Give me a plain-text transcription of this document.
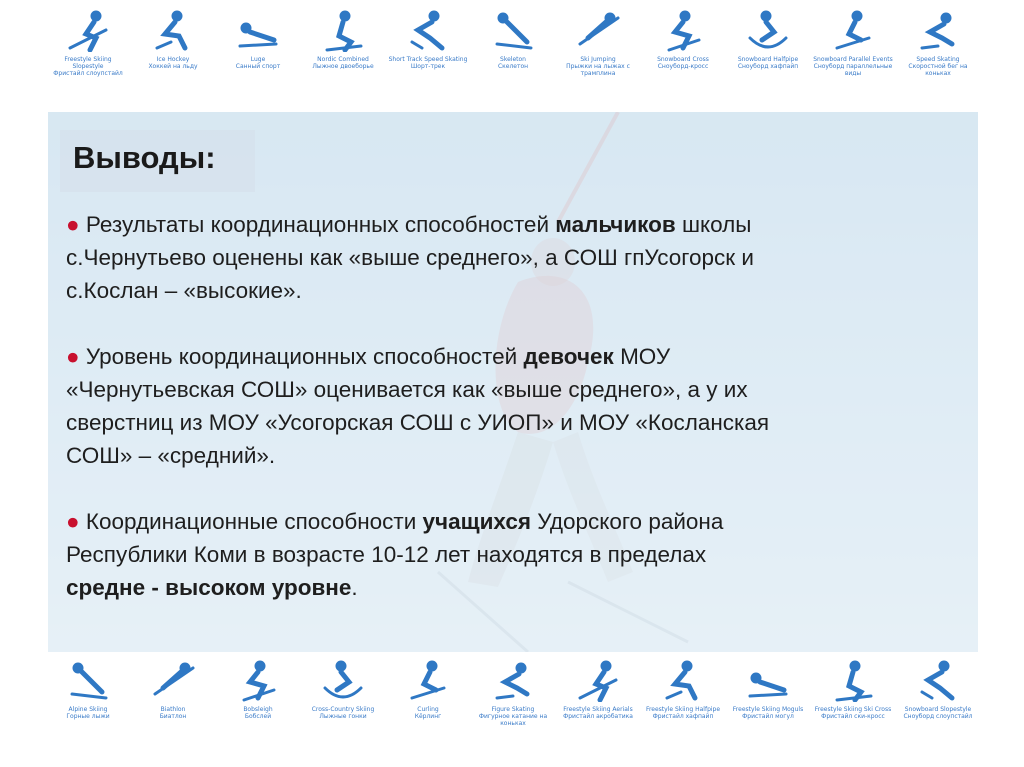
Freestyle Skiing Slopestyle
Фристайл слоупстайл
Ice Hockey
Хоккей на льду
Luge
Санный спорт
Nordic Combined
Лыжное двоеборье
Short Track Speed Skating
Шорт-трек
Skeleton
Скелетон
Ski Jumping
Прыжки на лыжах с трамплина
Snowboard Cross
Сноуборд-кросс
Snowboard Halfpipe
Сноуборд хафпайп
Snowboard Parallel Events
Сноуборд параллельные виды
Speed Skating
Скоростной бег на коньках
Выводы:

● Результаты координационных способностей мальчиков школы

с.Чернутьево оценены как «выше среднего», а СОШ гпУсогорск и

с.Кослан – «высокие».

● Уровень координационных способностей девочек МОУ

«Чернутьевская СОШ» оценивается как «выше среднего», а у их

сверстниц из МОУ «Усогорская СОШ с УИОП» и МОУ «Косланская

СОШ» – «средний».

● Координационные способности учащихся Удорского района

Республики Коми в возрасте 10-12 лет находятся в пределах

средне - высоком уровне.

Alpine Skiing
Горные лыжи
Biathlon
Биатлон
Bobsleigh
Бобслей
Cross-Country Skiing
Лыжные гонки
Curling
Кёрлинг
Figure Skating
Фигурное катание на коньках
Freestyle Skiing Aerials
Фристайл акробатика
Freestyle Skiing Halfpipe
Фристайл хафпайп
Freestyle Skiing Moguls
Фристайл могул
Freestyle Skiing Ski Cross
Фристайл ски-кросс
Snowboard Slopestyle
Сноуборд слоупстайл
